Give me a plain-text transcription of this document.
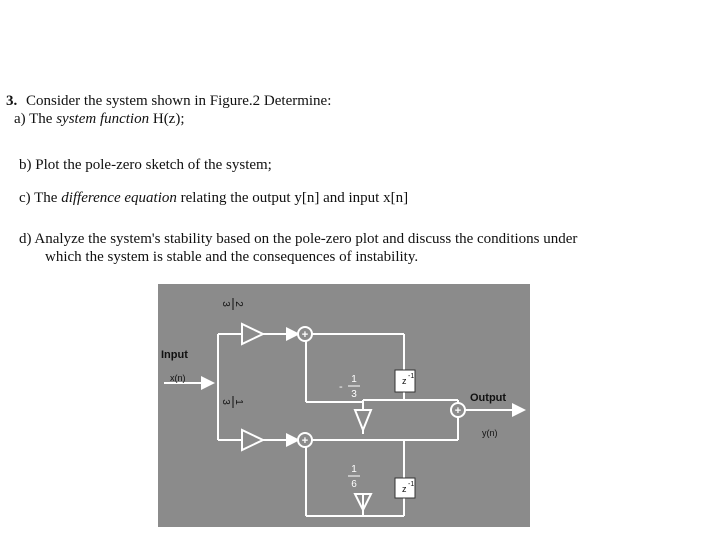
3. Consider the system shown in Figure.2 Determine:
a) The system function H(z);
b) Plot the pole-zero sketch of the system;
c) The difference equation relating the output y[n] and input x[n]
d) Analyze the system's stability based on the pole-zero plot and discuss the conditions under
which the system is stable and the consequences of instability.
+
+
+
z -1
z -1
2
3
1
3
-
1
3
1
6
Input
x(n)
Output
y(n)
